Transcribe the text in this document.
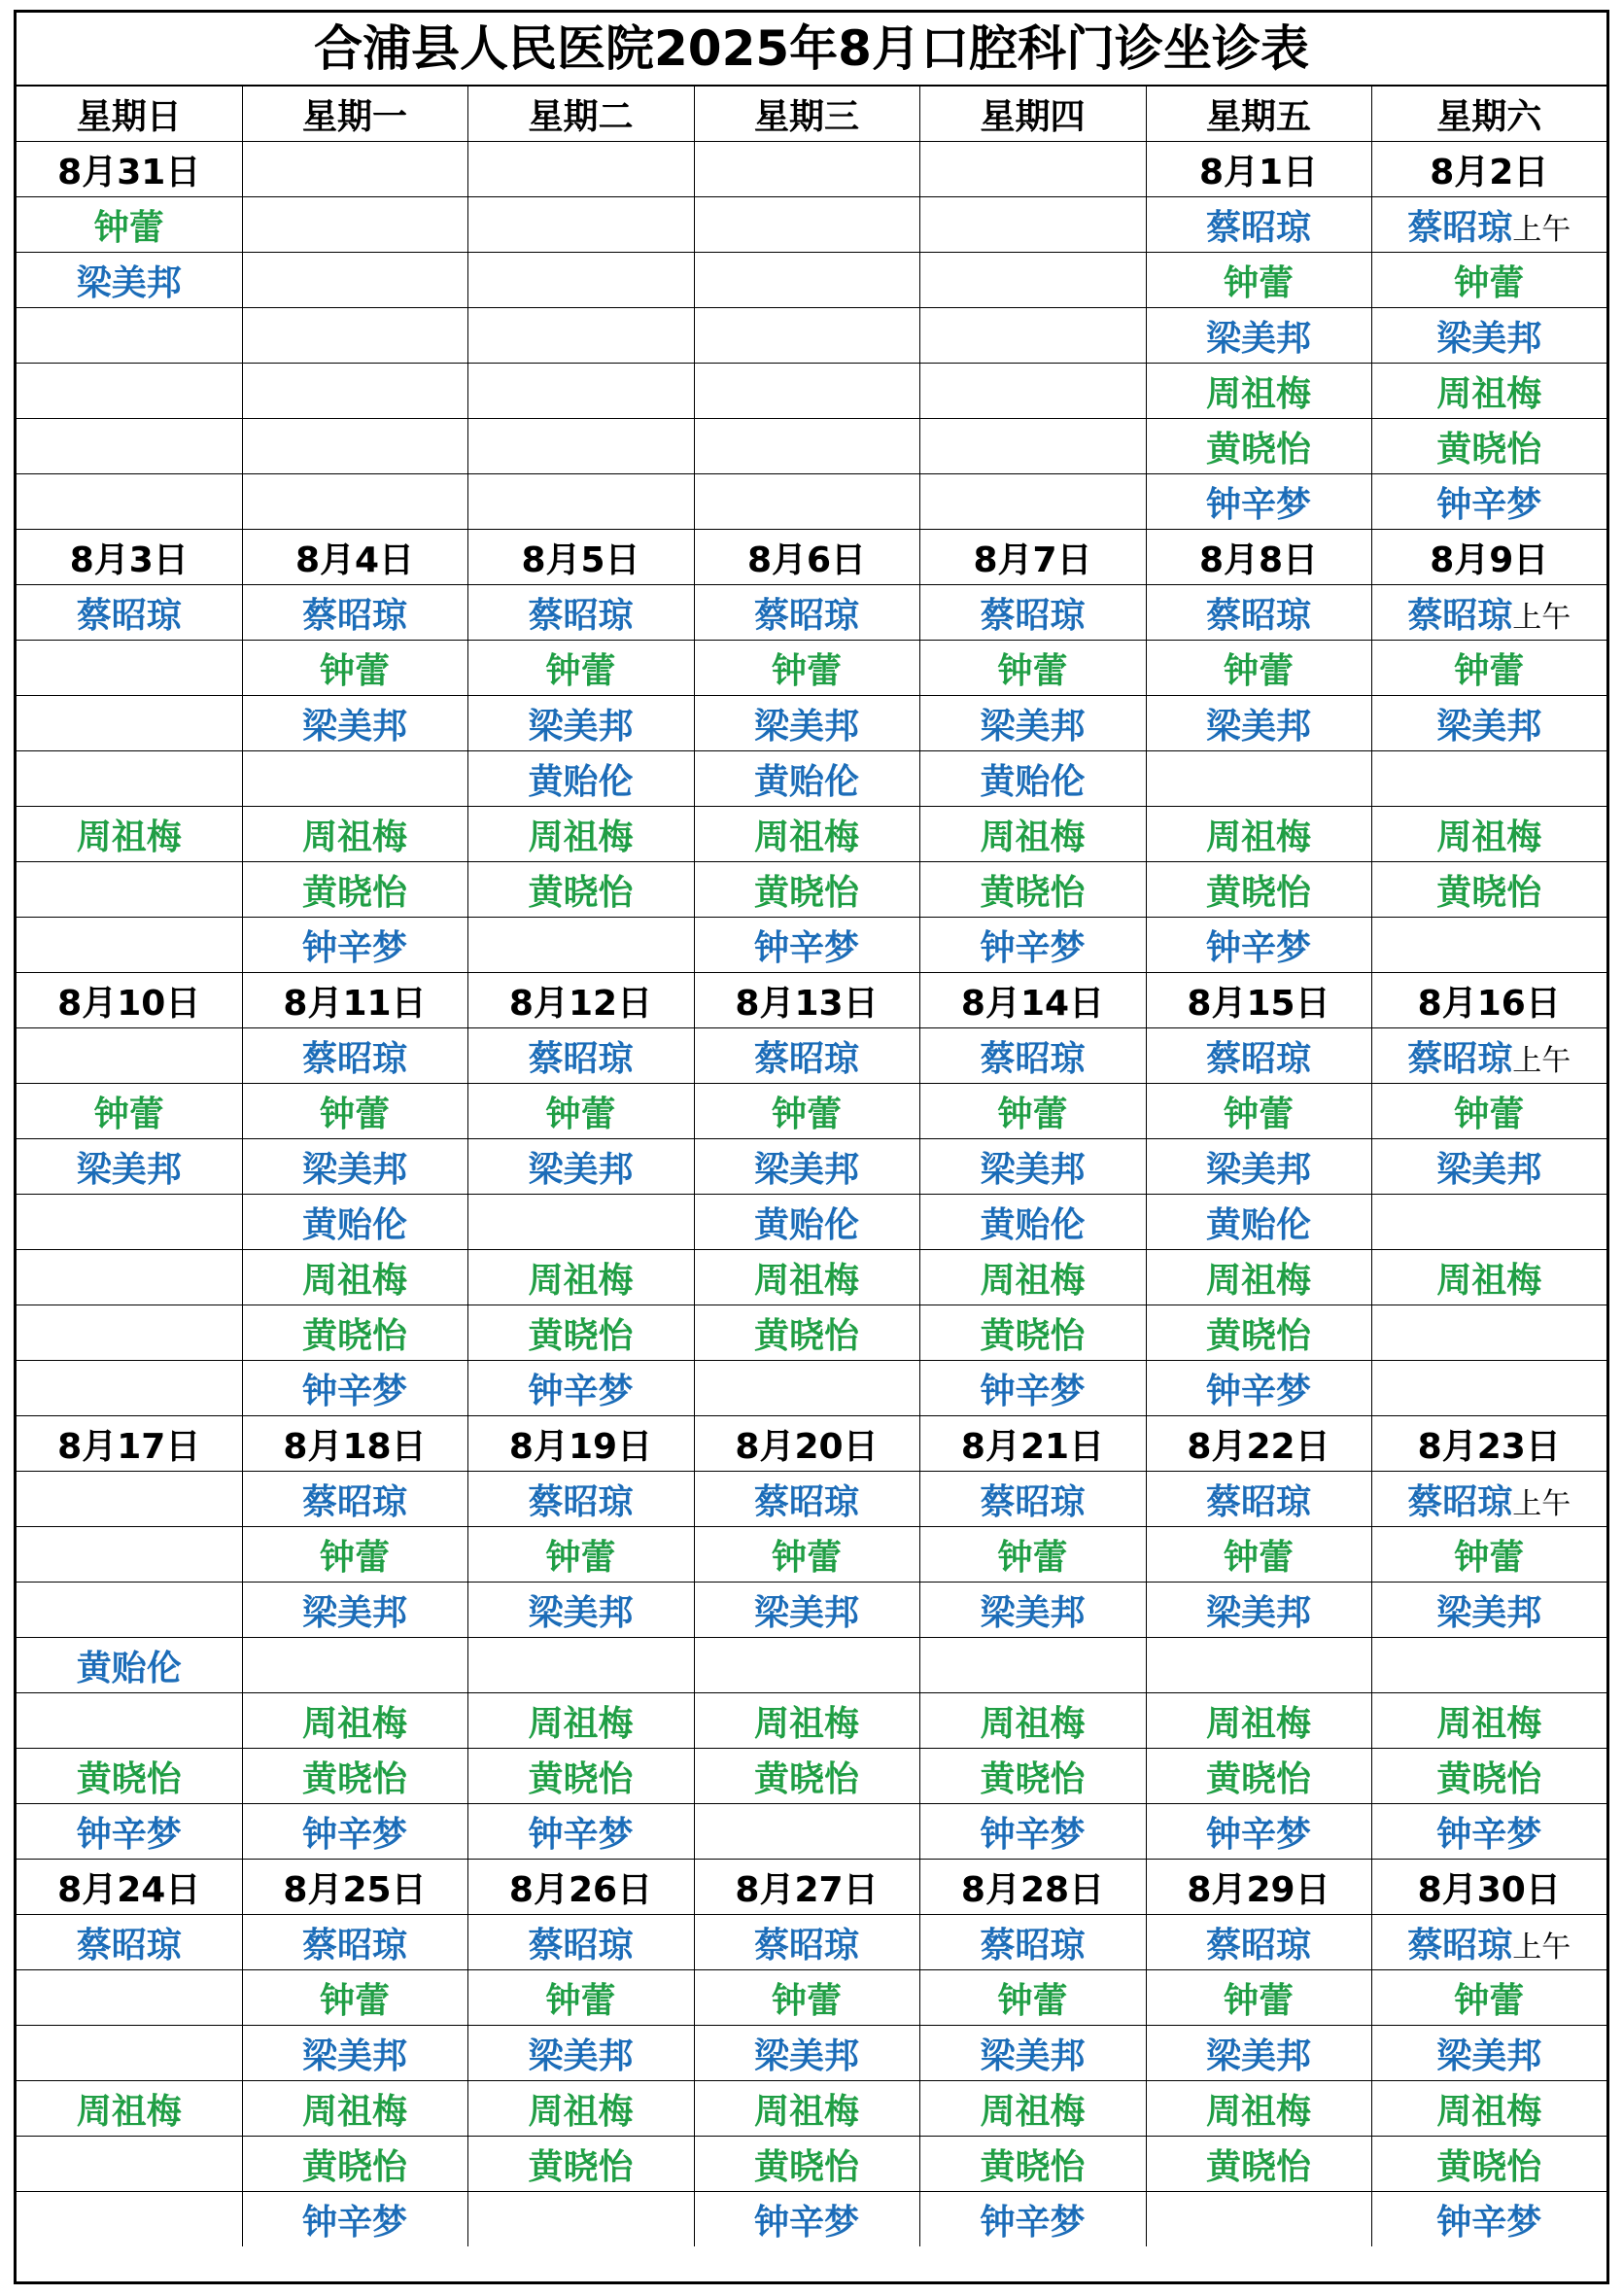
合浦县人民医院2025年8月口腔科门诊坐诊表
星期日	星期一	星期二	星期三	星期四	星期五	星期六
8月31日					8月1日	8月2日
钟蕾					蔡昭琼	蔡昭琼上午
梁美邦					钟蕾	钟蕾
					梁美邦	梁美邦
					周祖梅	周祖梅
					黄晓怡	黄晓怡
					钟辛梦	钟辛梦
8月3日	8月4日	8月5日	8月6日	8月7日	8月8日	8月9日
蔡昭琼	蔡昭琼	蔡昭琼	蔡昭琼	蔡昭琼	蔡昭琼	蔡昭琼上午
	钟蕾	钟蕾	钟蕾	钟蕾	钟蕾	钟蕾
	梁美邦	梁美邦	梁美邦	梁美邦	梁美邦	梁美邦
		黄贻伦	黄贻伦	黄贻伦		
周祖梅	周祖梅	周祖梅	周祖梅	周祖梅	周祖梅	周祖梅
	黄晓怡	黄晓怡	黄晓怡	黄晓怡	黄晓怡	黄晓怡
	钟辛梦		钟辛梦	钟辛梦	钟辛梦	
8月10日	8月11日	8月12日	8月13日	8月14日	8月15日	8月16日
	蔡昭琼	蔡昭琼	蔡昭琼	蔡昭琼	蔡昭琼	蔡昭琼上午
钟蕾	钟蕾	钟蕾	钟蕾	钟蕾	钟蕾	钟蕾
梁美邦	梁美邦	梁美邦	梁美邦	梁美邦	梁美邦	梁美邦
	黄贻伦		黄贻伦	黄贻伦	黄贻伦	
	周祖梅	周祖梅	周祖梅	周祖梅	周祖梅	周祖梅
	黄晓怡	黄晓怡	黄晓怡	黄晓怡	黄晓怡	
	钟辛梦	钟辛梦		钟辛梦	钟辛梦	
8月17日	8月18日	8月19日	8月20日	8月21日	8月22日	8月23日
	蔡昭琼	蔡昭琼	蔡昭琼	蔡昭琼	蔡昭琼	蔡昭琼上午
	钟蕾	钟蕾	钟蕾	钟蕾	钟蕾	钟蕾
	梁美邦	梁美邦	梁美邦	梁美邦	梁美邦	梁美邦
黄贻伦						
	周祖梅	周祖梅	周祖梅	周祖梅	周祖梅	周祖梅
黄晓怡	黄晓怡	黄晓怡	黄晓怡	黄晓怡	黄晓怡	黄晓怡
钟辛梦	钟辛梦	钟辛梦		钟辛梦	钟辛梦	钟辛梦
8月24日	8月25日	8月26日	8月27日	8月28日	8月29日	8月30日
蔡昭琼	蔡昭琼	蔡昭琼	蔡昭琼	蔡昭琼	蔡昭琼	蔡昭琼上午
	钟蕾	钟蕾	钟蕾	钟蕾	钟蕾	钟蕾
	梁美邦	梁美邦	梁美邦	梁美邦	梁美邦	梁美邦
周祖梅	周祖梅	周祖梅	周祖梅	周祖梅	周祖梅	周祖梅
	黄晓怡	黄晓怡	黄晓怡	黄晓怡	黄晓怡	黄晓怡
	钟辛梦		钟辛梦	钟辛梦		钟辛梦
